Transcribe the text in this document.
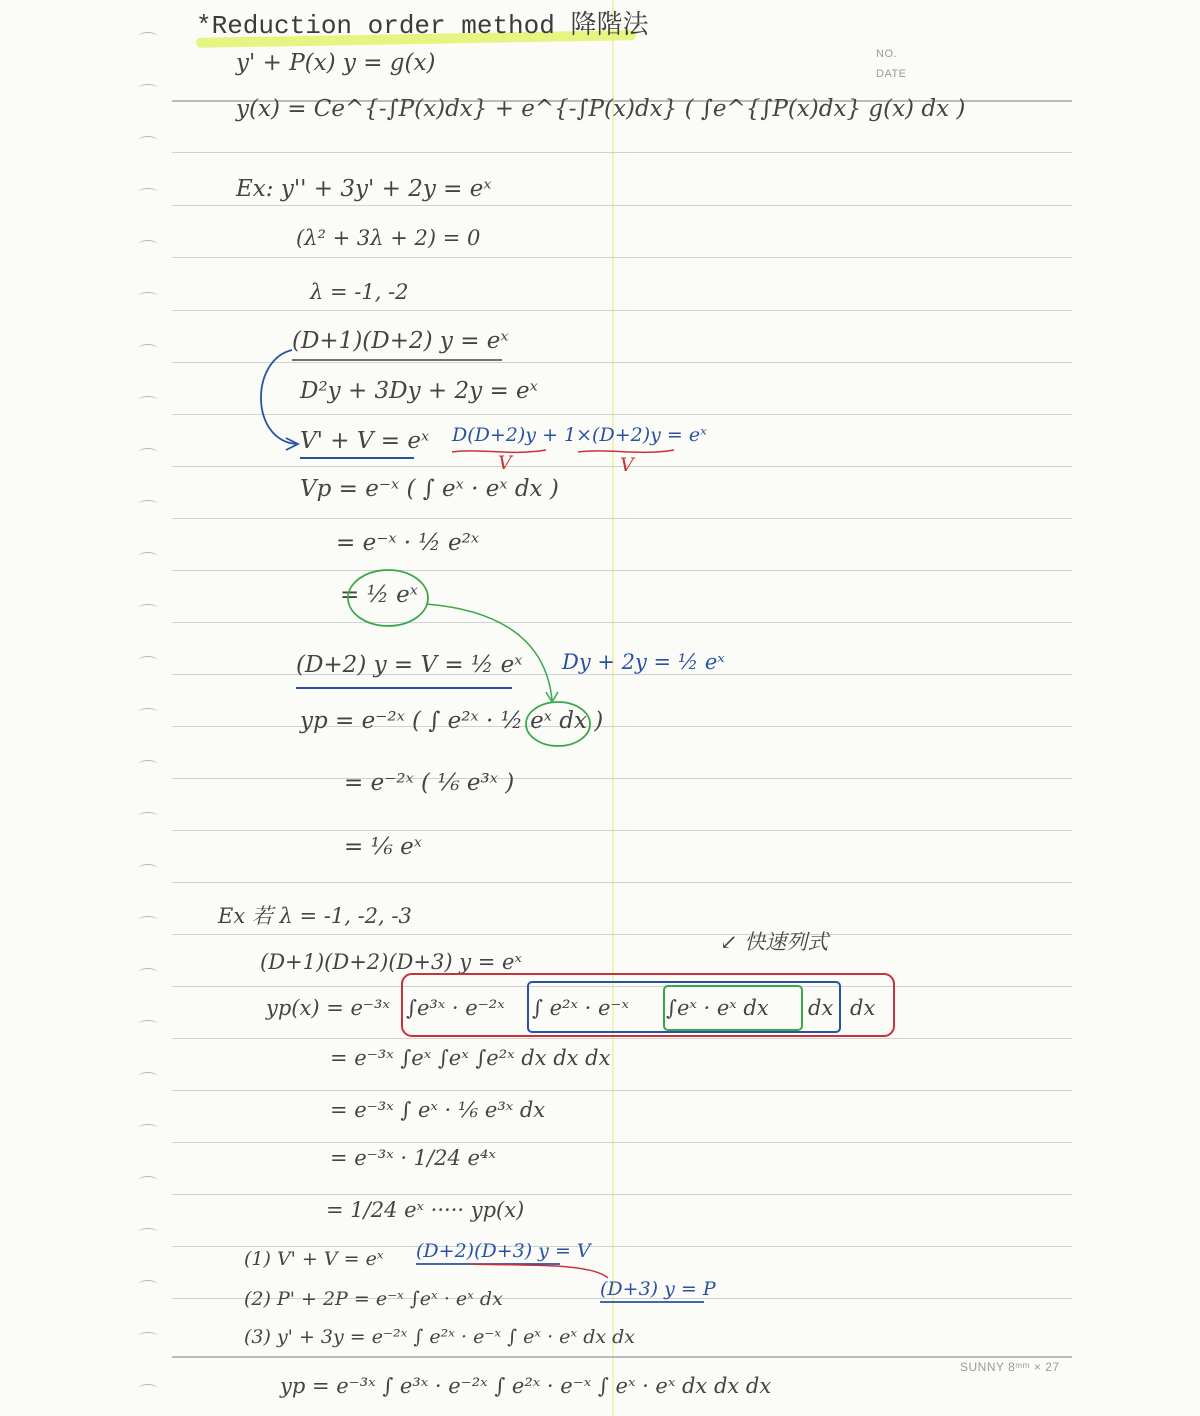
*Reduction order method 降階法
NO.
DATE
y' + P(x) y = g(x)
y(x) = Ce^{-∫P(x)dx} + e^{-∫P(x)dx} ( ∫e^{∫P(x)dx} g(x) dx )
Ex: y'' + 3y' + 2y = eˣ
(λ² + 3λ + 2) = 0
λ = -1, -2
(D+1)(D+2) y = eˣ
D²y + 3Dy + 2y = eˣ
V' + V = eˣ D(D+2)y + 1×(D+2)y = eˣ
V	V
Vp = e⁻ˣ ( ∫ eˣ · eˣ dx )
= e⁻ˣ · ½ e²ˣ
= ½ eˣ
(D+2) y = V = ½ eˣ Dy + 2y = ½ eˣ
yp = e⁻²ˣ ( ∫ e²ˣ · ½ eˣ dx )
= e⁻²ˣ ( ⅙ e³ˣ )
= ⅙ eˣ
Ex 若 λ = -1, -2, -3
↙ 快速列式
(D+1)(D+2)(D+3) y = eˣ
yp(x) = e⁻³ˣ ∫e³ˣ · e⁻²ˣ ∫ e²ˣ · e⁻ˣ ∫eˣ · eˣ dx dx dx
= e⁻³ˣ ∫eˣ ∫eˣ ∫e²ˣ dx dx dx
= e⁻³ˣ ∫ eˣ · ⅙ e³ˣ dx
= e⁻³ˣ · 1/24 e⁴ˣ
= 1/24 eˣ ····· yp(x)
(1) V' + V = eˣ (D+2)(D+3) y = V
(2) P' + 2P = e⁻ˣ ∫eˣ · eˣ dx	(D+3) y = P
(3) y' + 3y = e⁻²ˣ ∫ e²ˣ · e⁻ˣ ∫ eˣ · eˣ dx dx
yp = e⁻³ˣ ∫ e³ˣ · e⁻²ˣ ∫ e²ˣ · e⁻ˣ ∫ eˣ · eˣ dx dx dx
SUNNY 8ᵐᵐ × 27
